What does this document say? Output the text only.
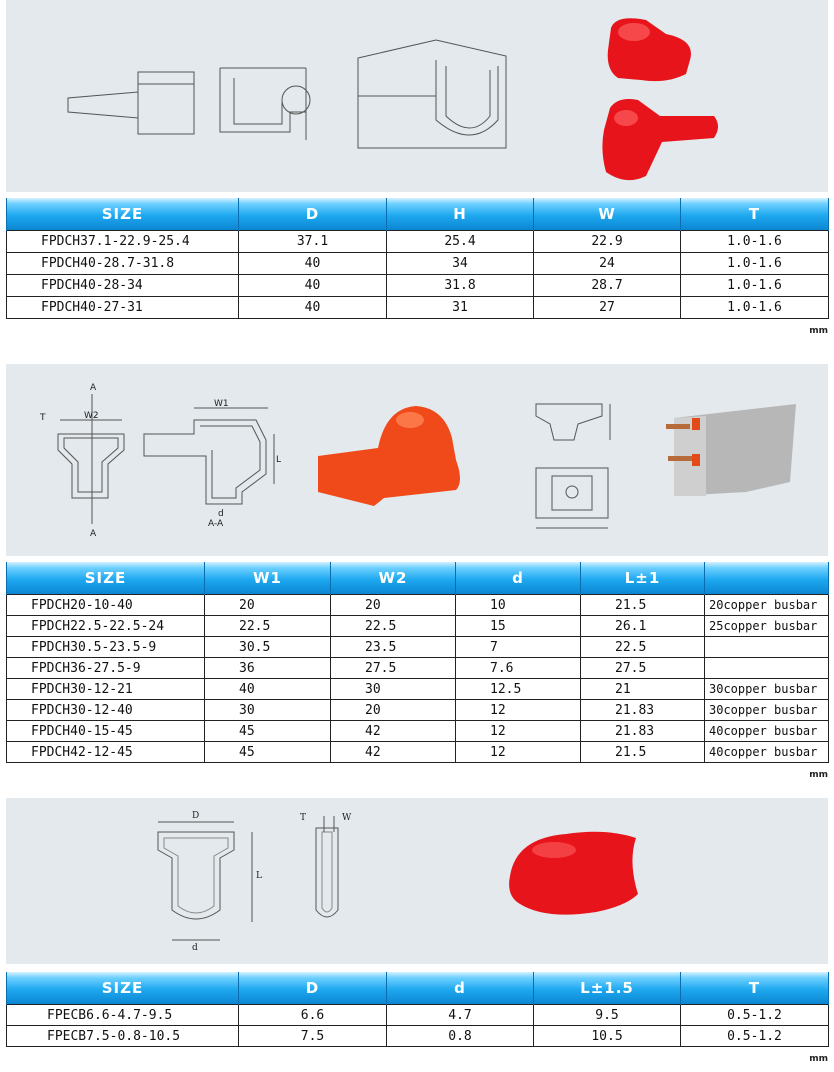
SIZE	D	H	W	T
FPDCH37.1-22.9-25.4	37.1	25.4	22.9	1.0-1.6
FPDCH40-28.7-31.8	40	34	24	1.0-1.6
FPDCH40-28-34	40	31.8	28.7	1.0-1.6
FPDCH40-27-31	40	31	27	1.0-1.6
mm
A
W2
T
A
W1
d
A-A
L
SIZE	W1	W2	d	L±1	
FPDCH20-10-40	20	20	10	21.5	20copper busbar
FPDCH22.5-22.5-24	22.5	22.5	15	26.1	25copper busbar
FPDCH30.5-23.5-9	30.5	23.5	7	22.5	
FPDCH36-27.5-9	36	27.5	7.6	27.5	
FPDCH30-12-21	40	30	12.5	21	30copper busbar
FPDCH30-12-40	30	20	12	21.83	30copper busbar
FPDCH40-15-45	45	42	12	21.83	40copper busbar
FPDCH42-12-45	45	42	12	21.5	40copper busbar
mm
D
L
d
T	W
SIZE	D	d	L±1.5	T
FPECB6.6-4.7-9.5	6.6	4.7	9.5	0.5-1.2
FPECB7.5-0.8-10.5	7.5	0.8	10.5	0.5-1.2
mm
